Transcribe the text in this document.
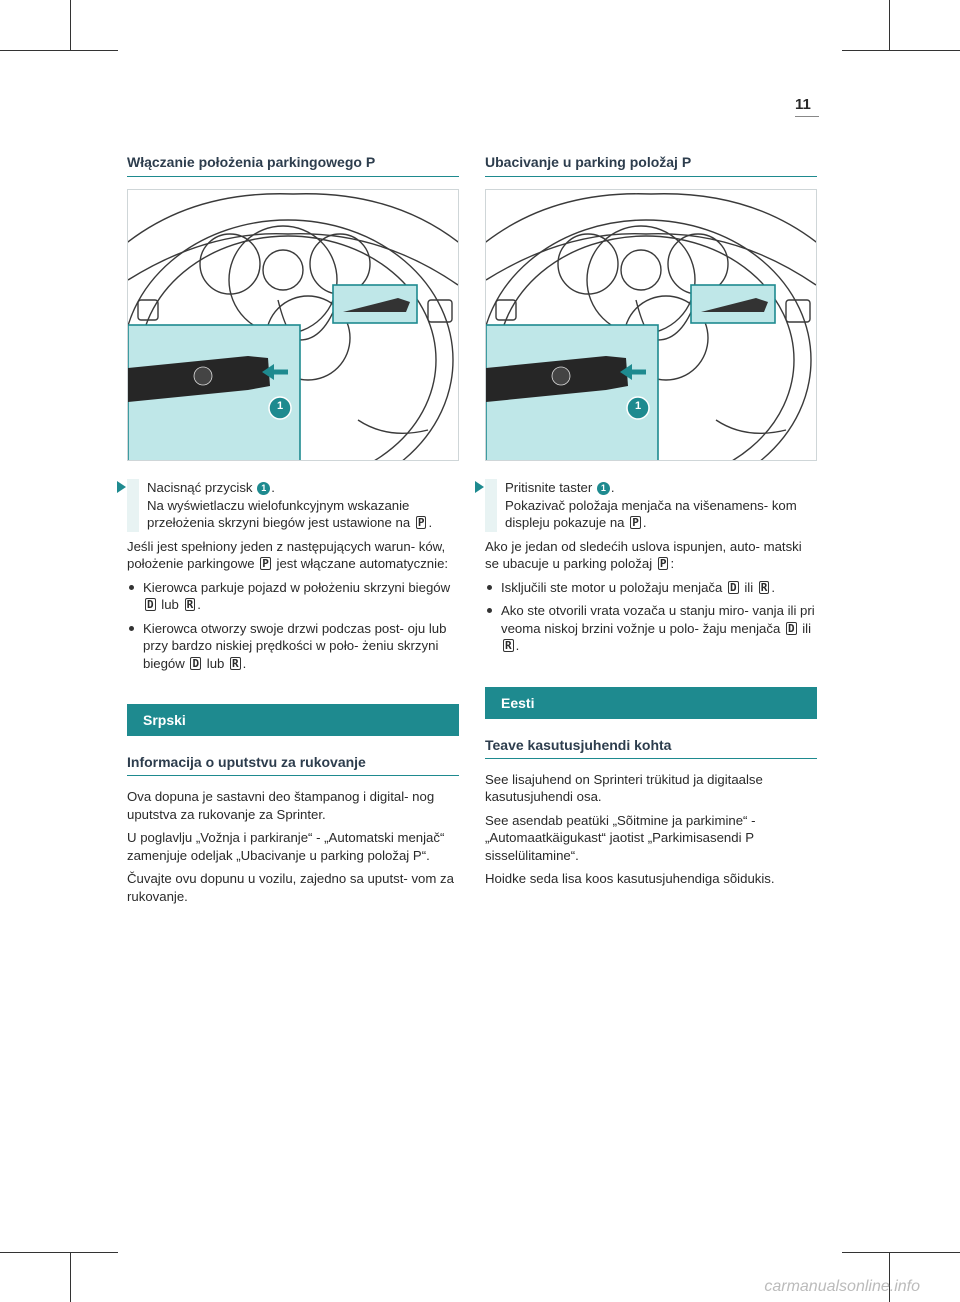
11
Włączanie położenia parkingowego P
1
Nacisnąć przycisk 1 .
Na wyświetlaczu wielofunkcyjnym wskazanie przełożenia skrzyni biegów jest ustawione na P .

Jeśli jest spełniony jeden z następujących warun- ków, położenie parkingowe P jest włączane automatycznie:

Kierowca parkuje pojazd w położeniu skrzyni biegów D lub R .
Kierowca otworzy swoje drzwi podczas post- oju lub przy bardzo niskiej prędkości w poło- żeniu skrzyni biegów D lub R .
Srpski
Informacija o uputstvu za rukovanje

Ova dopuna je sastavni deo štampanog i digital- nog uputstva za rukovanje za Sprinter.

U poglavlju „Vožnja i parkiranje“ - „Automatski menjač“ zamenjuje odeljak „Ubacivanje u parking položaj P“.

Čuvajte ovu dopunu u vozilu, zajedno sa uputst- vom za rukovanje.

Ubacivanje u parking položaj P
1
Pritisnite taster 1 .
Pokazivač položaja menjača na višenamens- kom displeju pokazuje na P .

Ako je jedan od sledećih uslova ispunjen, auto- matski se ubacuje u parking položaj P :

Isključili ste motor u položaju menjača D ili R .
Ako ste otvorili vrata vozača u stanju miro- vanja ili pri veoma niskoj brzini vožnje u polo- žaju menjača D ili R .
Eesti
Teave kasutusjuhendi kohta

See lisajuhend on Sprinteri trükitud ja digitaalse kasutusjuhendi osa.

See asendab peatüki „Sõitmine ja parkimine“ - „Automaatkäigukast“ jaotist „Parkimisasendi P sisselülitamine“.

Hoidke seda lisa koos kasutusjuhendiga sõidukis.

carmanualsonline.info
